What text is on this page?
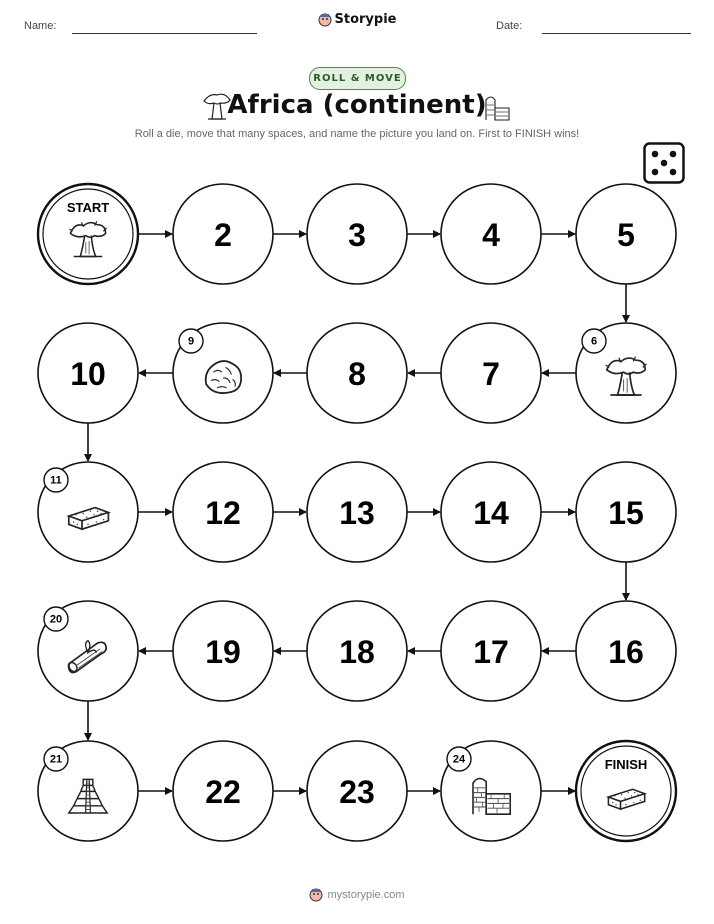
Name:	Storypie	Date:
ROLL & MOVE
Africa (continent)
Roll a die, move that many spaces, and name the picture you land on. First to FINISH wins!
START
2	3	4	5
6
7
8
9
10
11
12	13	14	15
16
17
18
19
20
21
22	23
24	FINISH
mystorypie.com
